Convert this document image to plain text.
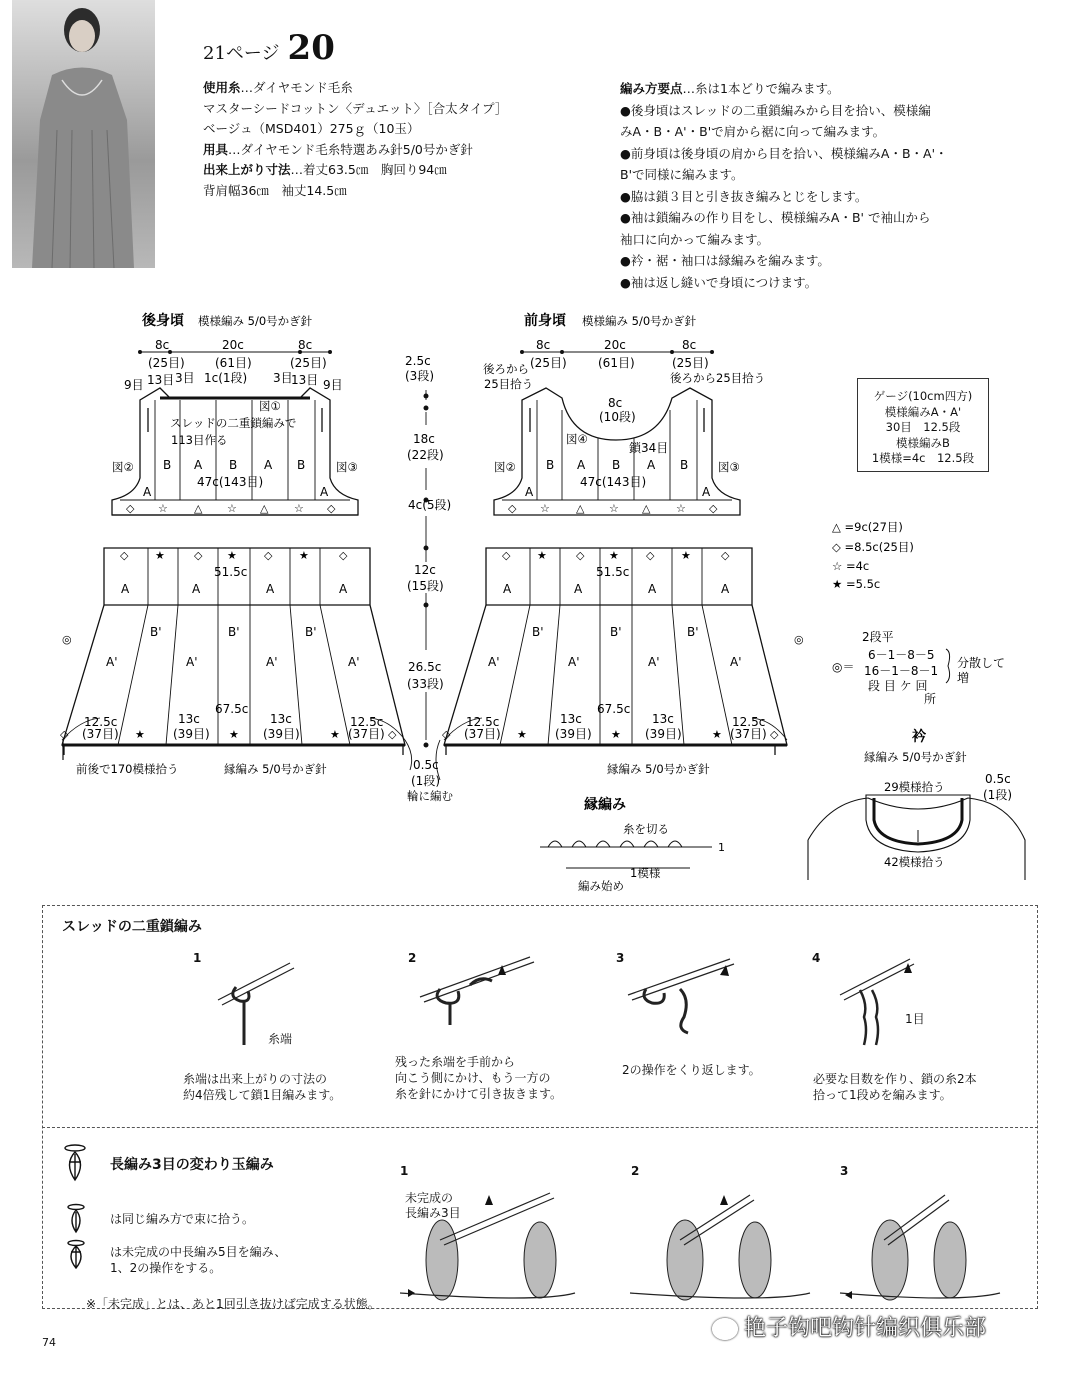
21ページ 20
使用糸…ダイヤモンド毛糸
マスターシードコットン〈デュエット〉［合太タイプ］
ベージュ（MSD401）275ｇ（10玉）
用具…ダイヤモンド毛糸特選あみ針5/0号かぎ針
出来上がり寸法…着丈63.5㎝　胸回り94㎝
背肩幅36㎝　袖丈14.5㎝
編み方要点…糸は1本どりで編みます。
●後身頃はスレッドの二重鎖編みから目を拾い、模様編
みA・B・A'・B'で肩から裾に向って編みます。
●前身頃は後身頃の肩から目を拾い、模様編みA・B・A'・
B'で同様に編みます。
●脇は鎖３目と引き抜き編みとじをします。
●袖は鎖編みの作り目をし、模様編みA・B' で袖山から
袖口に向かって編みます。
●衿・裾・袖口は縁編みを編みます。
●袖は返し縫いで身頃につけます。
後身頃 模様編み 5/0号かぎ針
8c	20c	8c
(25目)	(61目)	(25目)
9目 13目 3目 1c(1段) 3目
13目 9目
図①
スレッドの二重鎖編みで
113目作る
図②	図③
B A B A B
A	A
47c(143目)
◇ ☆ △ ☆ △ ☆ ◇
◇ ★	◇ ★ ◇ ★	◇
51.5c
A	A	A	A
B'	B'	B'
A'	A'	A'	A'
67.5c
12.5c	13c	13c	12.5c
(37目)	(39目)	(39目)	(37目)
◇	★	★	★	◇
◎
前後で170模様拾う	縁編み 5/0号かぎ針
2.5c
(3段)
18c
(22段)
4c(5段)
12c
(15段)
26.5c
(33段)
0.5c
(1段)
輪に編む
前身頃 模様編み 5/0号かぎ針
8c	20c	8c
(25目)	(61目)	(25目)
後ろから
25目拾う	後ろから25目拾う
8c
(10段)
図④
鎖34目
図②	図③
B A B A B
A	A
47c(143目)
◇ ☆ △ ☆ △ ☆ ◇
◇ ★	◇ ★ ◇ ★	◇
51.5c
A	A	A	A
B'	B'	B'
A'	A'	A'	A'
67.5c
12.5c	13c	13c	12.5c
(37目)	(39目)	(39目)	(37目)
◇	★	★	★	◇
◎
縁編み 5/0号かぎ針
△ =9c(27目)
◇ =8.5c(25目)
☆ =4c
★ =5.5c
2段平
◎＝
6－1－8－5
16－1－8－1
段 目 ケ 回
所
分散して
増
衿
縁編み 5/0号かぎ針
29模様拾う
0.5c
(1段)
42模様拾う
縁編み
糸を切る
1模様
編み始め
1
ゲージ(10cm四方)
模様編みA・A'
30目　12.5段
模様編みB
1模様=4c　12.5段
スレッドの二重鎖編み
1
糸端
糸端は出来上がりの寸法の
約4倍残して鎖1目編みます。
2
残った糸端を手前から
向こう側にかけ、もう一方の
糸を針にかけて引き抜きます。
3
2の操作をくり返します。
4
1目
必要な目数を作り、鎖の糸2本
拾って1段めを編みます。
長編み3目の変わり玉編み
は同じ編み方で束に拾う。
は未完成の中長編み5目を編み、
1、2の操作をする。
※「未完成」とは、あと1回引き抜けば完成する状態。
1	2	3
未完成の
長編み3目
74
艳子钩吧钩针编织俱乐部
